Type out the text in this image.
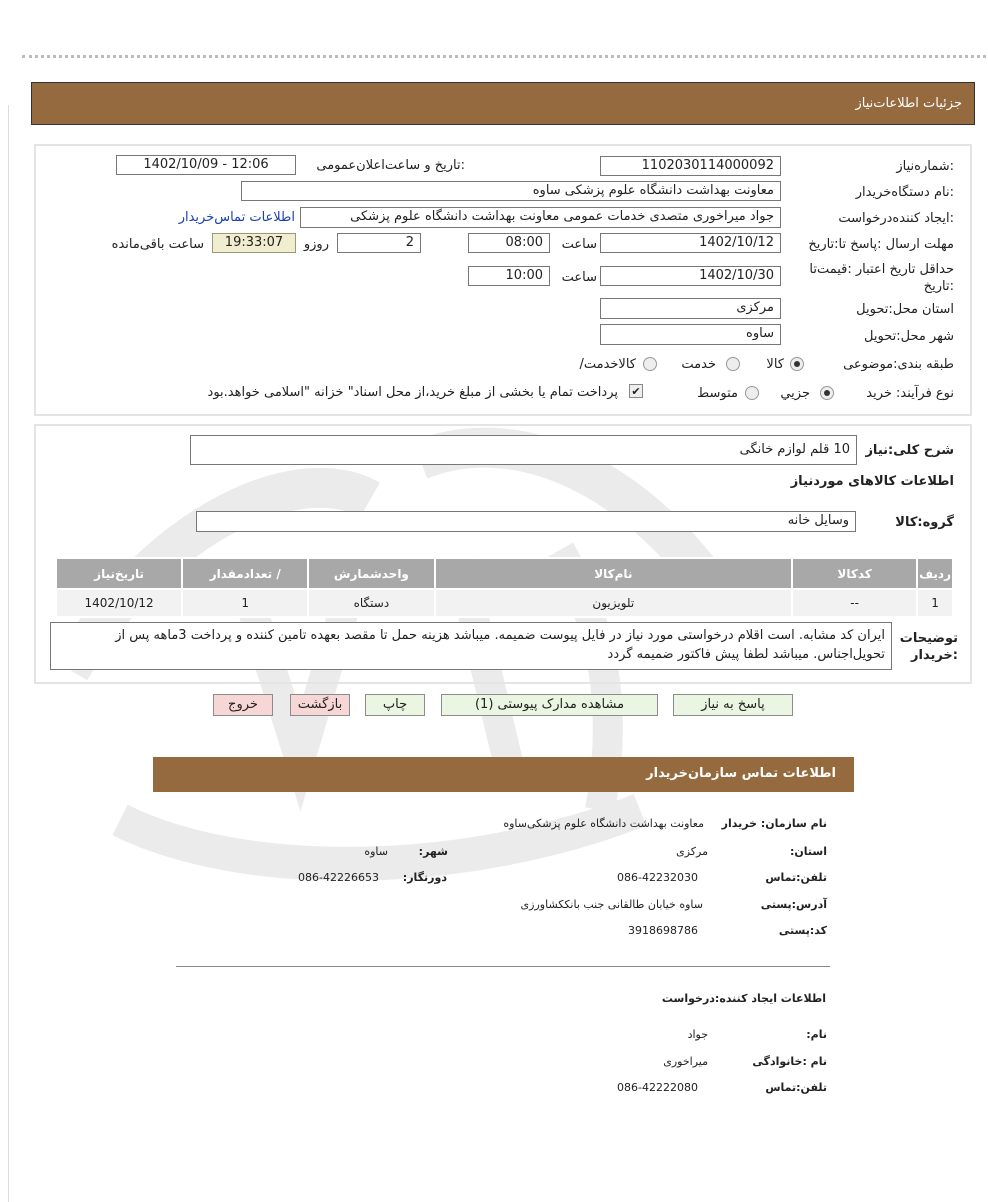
جزئیات اطلاعات‌نیاز
شماره‌نیاز:
1102030114000092
تاریخ و ساعت‌اعلان‌عمومی:
1402/10/09 - 12:06
نام دستگاه‌خریدار:
معاونت بهداشت دانشگاه علوم پزشکی ساوه
ایجاد کننده‌درخواست:
جواد میراخوری متصدی خدمات عمومی معاونت بهداشت دانشگاه علوم پزشکی
اطلاعات تماس‌خریدار
مهلت ارسال :پاسخ تا:تاریخ
1402/10/12
ساعت
08:00
2
روزو
19:33:07
ساعت باقی‌مانده
حداقل تاریخ اعتبار :قیمت‌تا :تاریخ
1402/10/30
ساعت
10:00
استان محل:تحویل
مرکزی
شهر محل:تحویل
ساوه
طبقه بندی:موضوعی
کالا
خدمت
/کالاخدمت
نوع فرآیند: خرید
جزیي
متوسط
✔
پرداخت تمام یا بخشی از مبلغ خرید،از محل اسناد" خزانه "اسلامی خواهد.بود
شرح کلی:نیاز
10 قلم لوازم خانگی
اطلاعات کالاهای موردنیاز
گروه:کالا
وسایل خانه
ردیف	کدکالا	نام‌کالا	واحدشمارش	/ تعدادمقدار	تاریخ‌نیاز
1	--	تلویزیون	دستگاه	1	1402/10/12
توضیحات :خریدار
ایران کد مشابه. است اقلام درخواستی مورد نیاز در فایل پیوست ضمیمه. میباشد هزینه حمل تا مقصد بعهده تامین کننده و پرداخت 3ماهه پس از تحویل‌اجناس. میباشد لطفا پیش فاکتور ضمیمه گردد
پاسخ به نیاز
مشاهده مدارک پیوستی (1)
چاپ
بازگشت
خروج
اطلاعات تماس سازمان‌خریدار
نام سازمان: خریدار
معاونت بهداشت دانشگاه علوم پزشکی‌ساوه
:استان
مرکزی
:شهر
ساوه
تلفن:تماس
086-42232030
:دورنگار
086-42226653
آدرس:پستی
ساوه خیابان طالقانی جنب بانککشاورزی
کد:پستی
3918698786
اطلاعات ایجاد کننده:درخواست
:نام
جواد
نام :خانوادگی
میراخوری
تلفن:تماس
086-42222080
